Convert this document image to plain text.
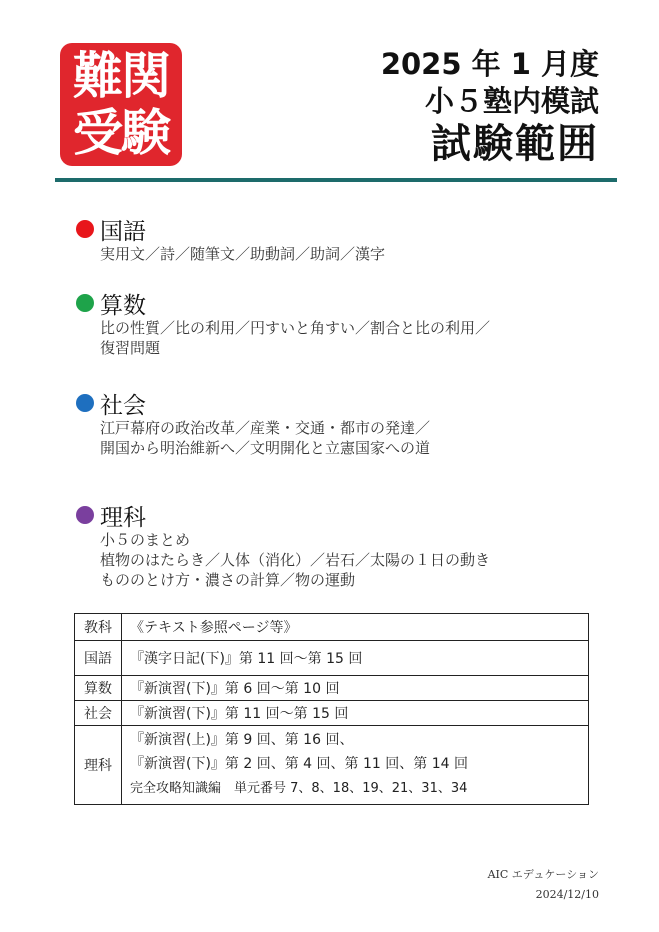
難関
受験
2025 年 1 月度
小５塾内模試
試験範囲
国語
実用文／詩／随筆文／助動詞／助詞／漢字
算数
比の性質／比の利用／円すいと角すい／割合と比の利用／
復習問題
社会
江戸幕府の政治改革／産業・交通・都市の発達／
開国から明治維新へ／文明開化と立憲国家への道
理科
小５のまとめ
植物のはたらき／人体（消化）／岩石／太陽の１日の動き
もののとけ方・濃さの計算／物の運動
教科	《テキスト参照ページ等》
国語	『漢字日記(下)』第 11 回〜第 15 回
算数	『新演習(下)』第 6 回〜第 10 回
社会	『新演習(下)』第 11 回〜第 15 回
理科	『新演習(上)』第 9 回、第 16 回、
『新演習(下)』第 2 回、第 4 回、第 11 回、第 14 回
完全攻略知識編　単元番号 7、8、18、19、21、31、34
AIC エデュケーション
2024/12/10
